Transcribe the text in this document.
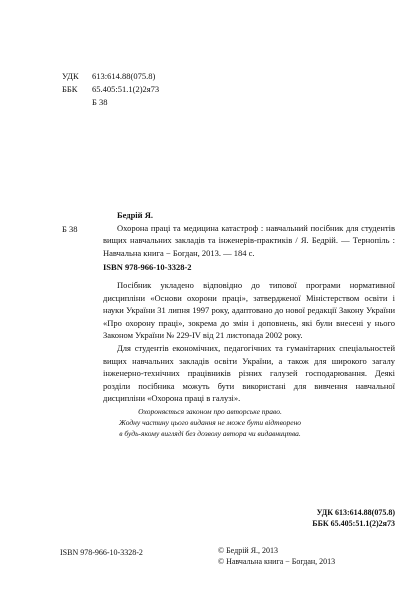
УДК	613:614.88(075.8)
ББК	65.405:51.1(2)2я73
Б 38
Б 38
Бедрій Я.
Охорона праці та медицина катастроф : навчальний посібник для студентів вищих навчальних закладів та інженерів-практиків / Я. Бедрій. — Тернопіль : Навчальна книга − Богдан, 2013. — 184 с.
ISBN 978-966-10-3328-2

Посібник укладено відповідно до типової програми нормативної дисципліни «Основи охорони праці», затвердженої Міністерством освіти і науки України 31 липня 1997 року, адаптовано до нової редакції Закону України «Про охорону праці», зокрема до змін і доповнень, які були внесені у нього Законом України № 229-IV від 21 листопада 2002 року.

Для студентів економічних, педагогічних та гуманітарних спеціальностей вищих навчальних закладів освіти України, а також для широкого загалу інженерно-технічних працівників різних галузей господарювання. Деякі розділи посібника можуть бути використані для вивчення навчальної дисципліни «Охорона праці в галузі».

УДК 613:614.88(075.8)
ББК 65.405:51.1(2)2я73
Охороняється законом про авторське право.
Жодну частину цього видання не може бути відтворено
в будь-якому вигляді без дозволу автора чи видавництва.
ISBN 978-966-10-3328-2	© Бедрій Я., 2013
© Навчальна книга − Богдан, 2013
